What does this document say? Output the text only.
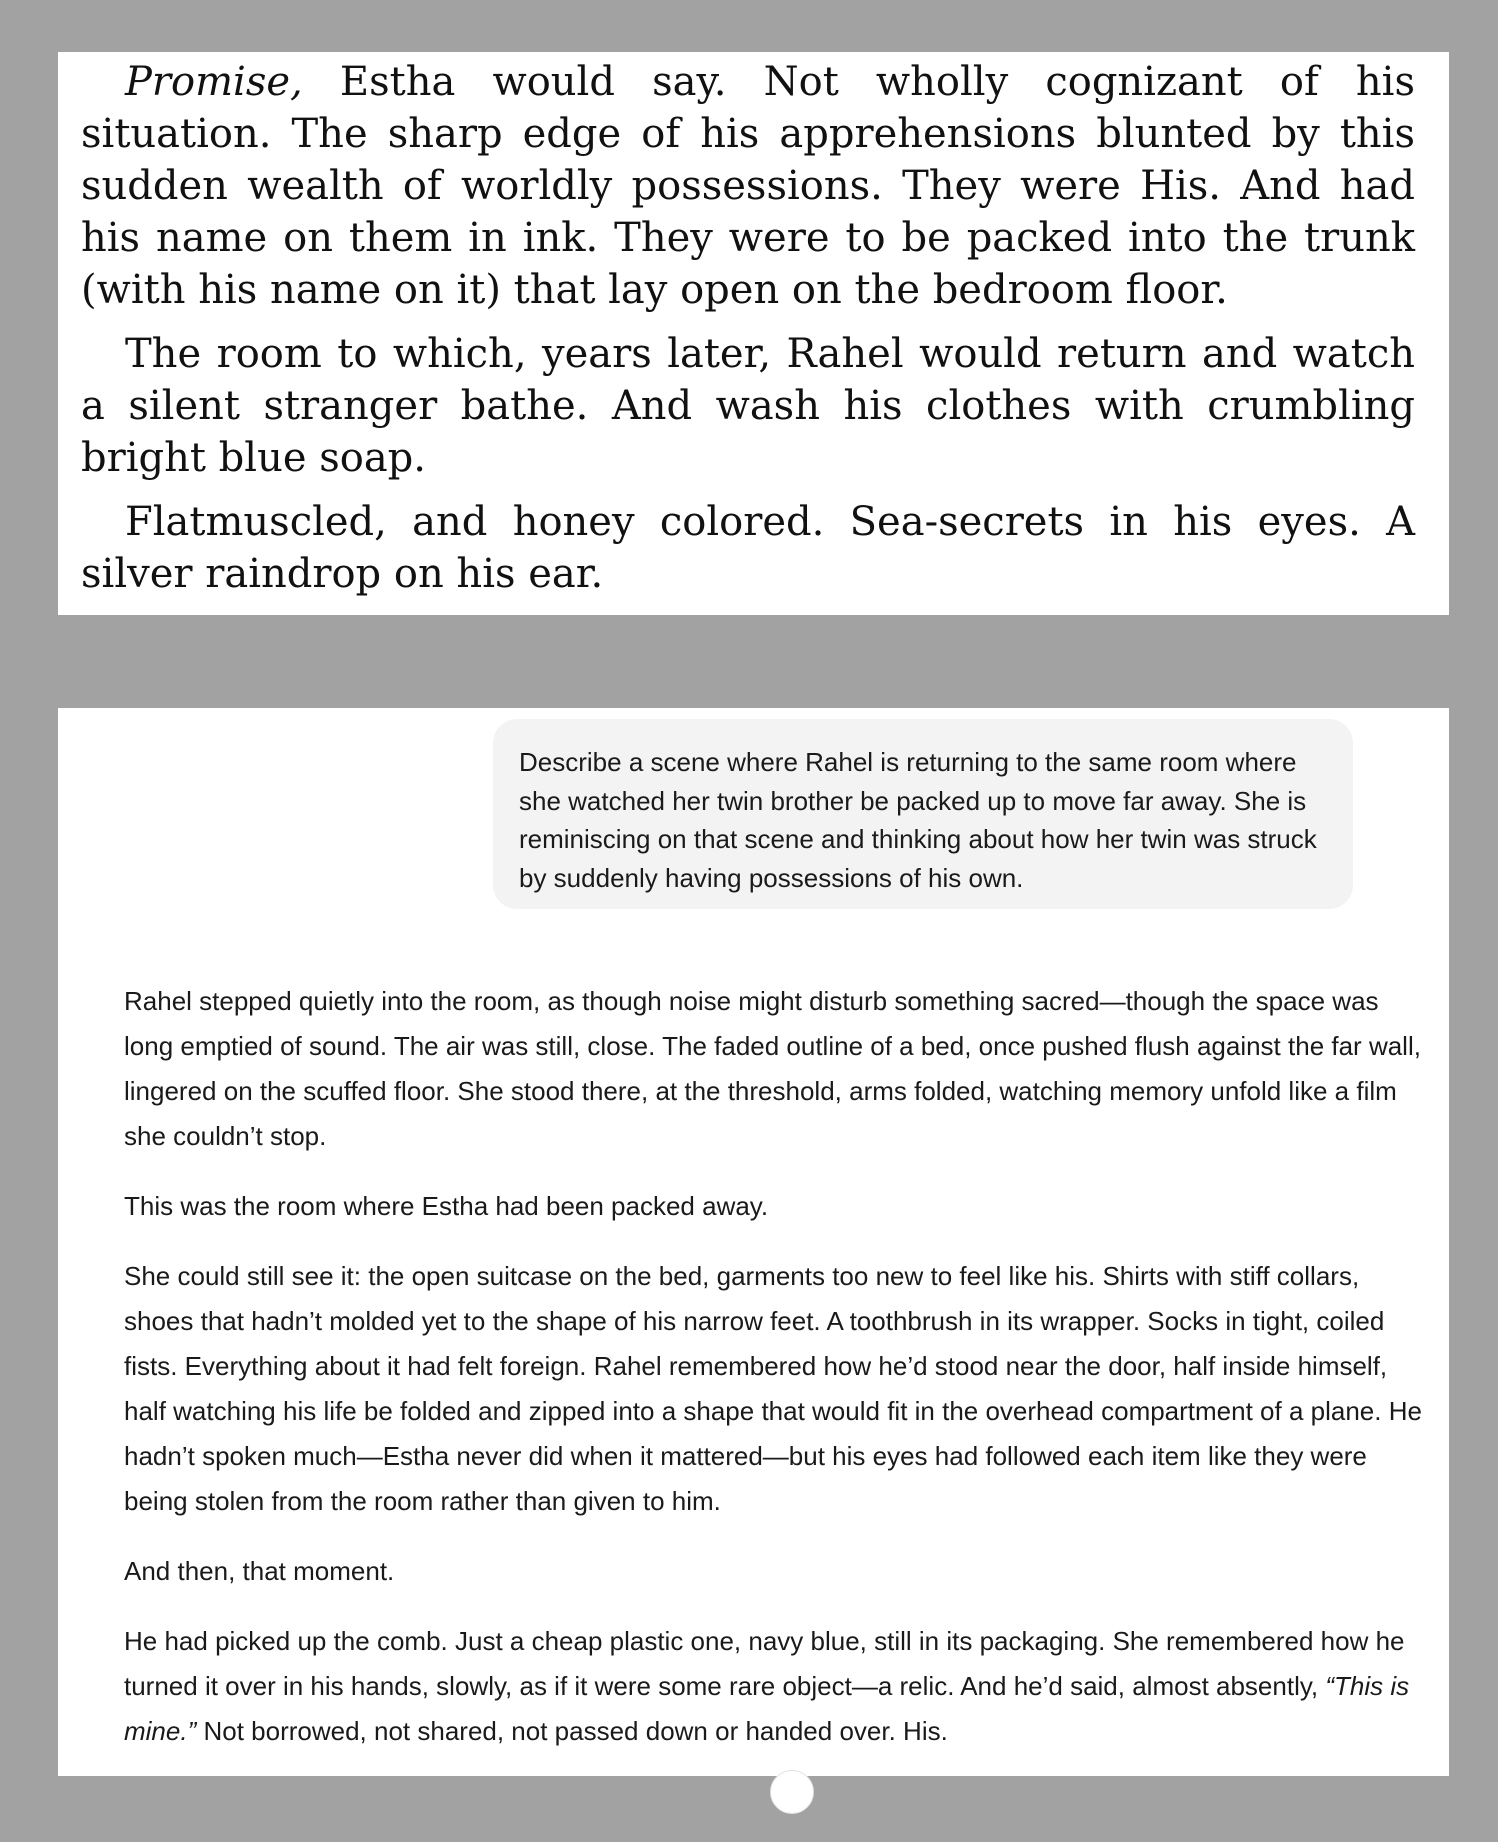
Promise, Estha would say. Not wholly cognizant of his situation. The sharp edge of his apprehensions blunted by this sudden wealth of worldly possessions. They were His. And had his name on them in ink. They were to be packed into the trunk (with his name on it) that lay open on the bedroom floor.

The room to which, years later, Rahel would return and watch a silent stranger bathe. And wash his clothes with crumbling bright blue soap.

Flatmuscled, and honey colored. Sea-secrets in his eyes. A silver raindrop on his ear.

Describe a scene where Rahel is returning to the same room where she watched her twin brother be packed up to move far away. She is reminiscing on that scene and thinking about how her twin was struck by suddenly having possessions of his own.

Rahel stepped quietly into the room, as though noise might disturb something sacred—though the space was long emptied of sound. The air was still, close. The faded outline of a bed, once pushed flush against the far wall, lingered on the scuffed floor. She stood there, at the threshold, arms folded, watching memory unfold like a film she couldn’t stop.

This was the room where Estha had been packed away.

She could still see it: the open suitcase on the bed, garments too new to feel like his. Shirts with stiff collars, shoes that hadn’t molded yet to the shape of his narrow feet. A toothbrush in its wrapper. Socks in tight, coiled fists. Everything about it had felt foreign. Rahel remembered how he’d stood near the door, half inside himself, half watching his life be folded and zipped into a shape that would fit in the overhead compartment of a plane. He hadn’t spoken much—Estha never did when it mattered—but his eyes had followed each item like they were being stolen from the room rather than given to him.

And then, that moment.

He had picked up the comb. Just a cheap plastic one, navy blue, still in its packaging. She remembered how he turned it over in his hands, slowly, as if it were some rare object—a relic. And he’d said, almost absently, “This is mine.” Not borrowed, not shared, not passed down or handed over. His.
